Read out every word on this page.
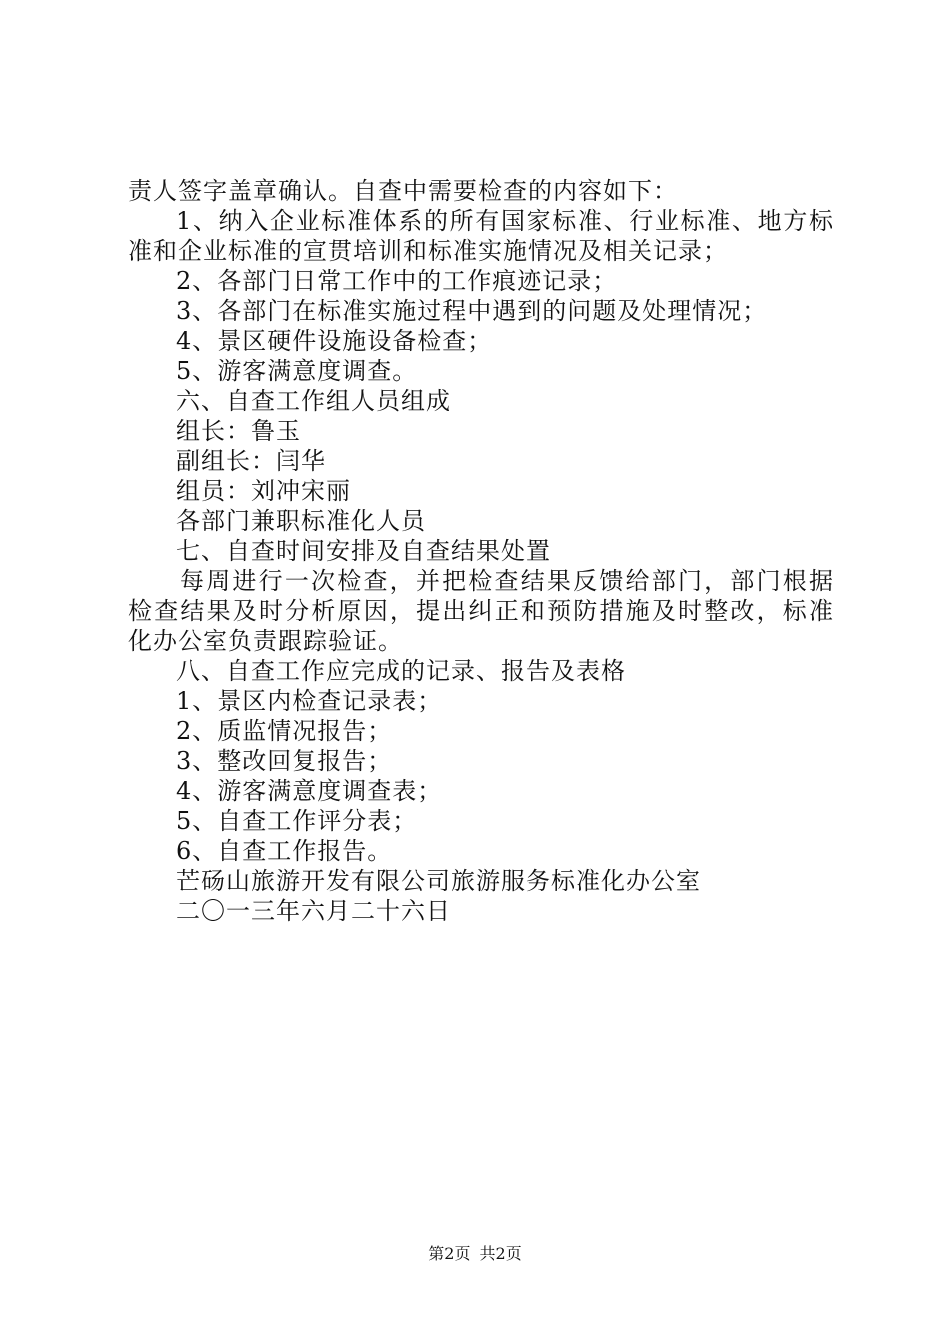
责人签字盖章确认。自查中需要检查的内容如下：
1、纳入企业标准体系的所有国家标准、行业标准、地方标
准和企业标准的宣贯培训和标准实施情况及相关记录；
2、各部门日常工作中的工作痕迹记录；
3、各部门在标准实施过程中遇到的问题及处理情况；
4、景区硬件设施设备检查；
5、游客满意度调查。
六、自查工作组人员组成
组长：鲁玉
副组长：闫华
组员：刘冲宋丽
各部门兼职标准化人员
七、自查时间安排及自查结果处置
每周进行一次检查，并把检查结果反馈给部门，部门根据
检查结果及时分析原因，提出纠正和预防措施及时整改，标准
化办公室负责跟踪验证。
八、自查工作应完成的记录、报告及表格
1、景区内检查记录表；
2、质监情况报告；
3、整改回复报告；
4、游客满意度调查表；
5、自查工作评分表；
6、自查工作报告。
芒砀山旅游开发有限公司旅游服务标准化办公室
二〇一三年六月二十六日
第2页 共2页
